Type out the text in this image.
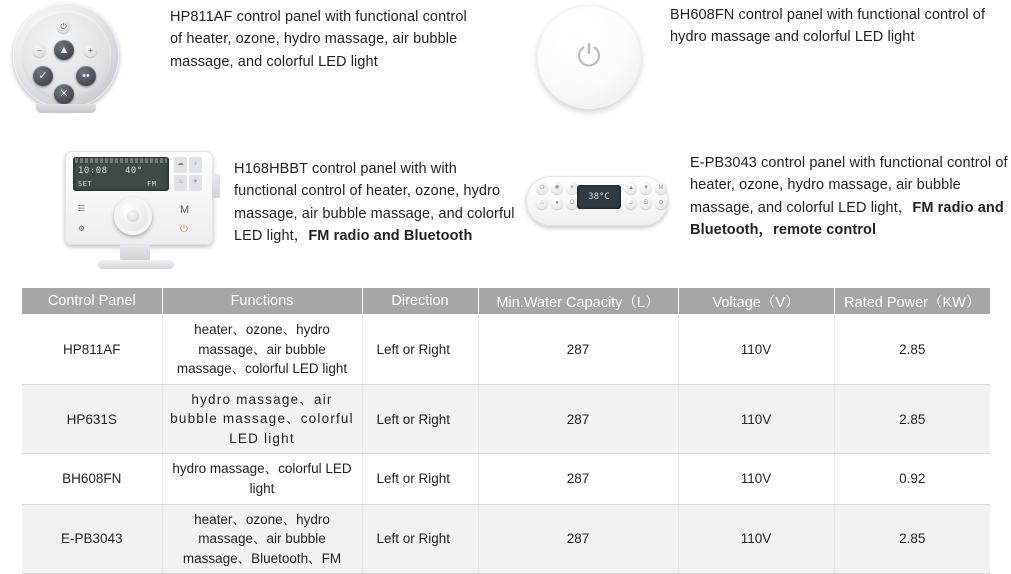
⏻
▲
–	+
✓	••
✕
HP811AF control panel with functional control of heater, ozone, hydro massage, air bubble massage, and colorful LED light	⏻
BH608FN control panel with functional control of hydro massage and colorful LED light
10:08 40°
SET	FM
☁	♪
♨	☀
☰
⚙
M
⏻
H168HBBT control panel with with functional control of heater, ozone, hydro massage, air bubble massage, and colorful LED light，FM radio and Bluetooth
⏻	✺	☀
♨	●	O
38°C
▲	▼	M
♫	B	⚙
E-PB3043 control panel with functional control of heater, ozone, hydro massage, air bubble massage, and colorful LED light，FM radio and Bluetooth，remote control
Control Panel	Functions	Direction	Min.Water Capacity（L）	Voltage（V）	Rated Power（KW）
HP811AF	heater、ozone、hydro massage、air bubble massage、colorful LED light	Left or Right	287	110V	2.85
HP631S	hydro massage、air bubble massage、colorful LED light	Left or Right	287	110V	2.85
BH608FN	hydro massage、colorful LED light	Left or Right	287	110V	0.92
E-PB3043	heater、ozone、hydro massage、air bubble massage、Bluetooth、FM	Left or Right	287	110V	2.85
